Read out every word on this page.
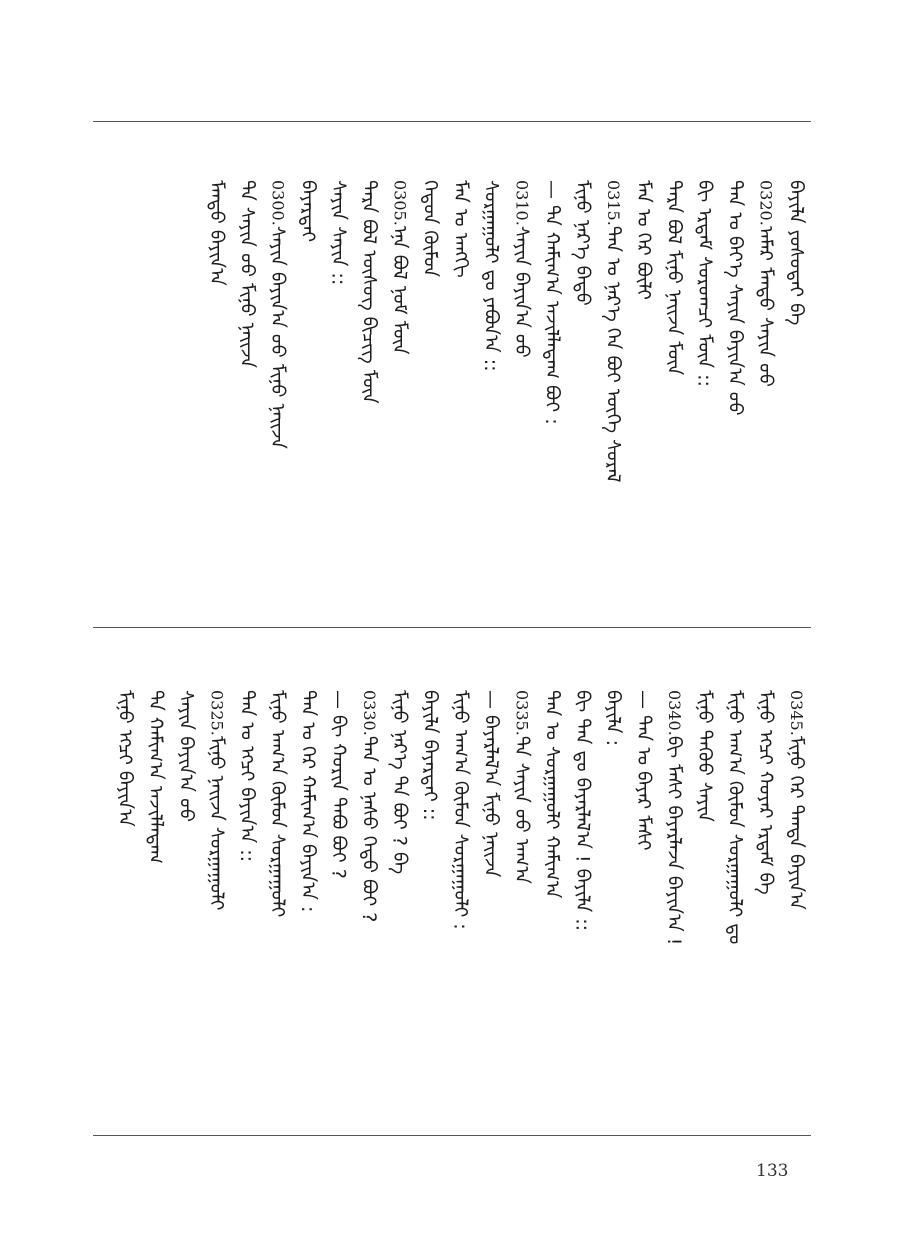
ᠪᠠᠶᠢᠯᠠ ᠶᠤᠰᠤᠲᠠᠢ ᠪᠠ
0320.ᠠᠮᠠᠷ ᠮᠡᠨᠳᠦ ᠰᠠᠶᠢᠨ ᠤᠤ
ᠲᠠᠨ ᠤ ᠪᠡᠶ᠎ᠡ ᠰᠠᠶᠢᠨ ᠪᠠᠶᠢᠨ᠎ᠠ ᠤᠤ
ᠪᠢ ᠡᠷᠳᠡᠮ ᠰᠤᠷᠤᠭᠴᠢ ᠮᠥᠨ ::
ᠲᠡᠷᠡ ᠪᠣᠯ ᠮᠢᠨᠤ ᠨᠠᠢᠵᠠ ᠮᠥᠨ
ᠮᠠᠨ ᠤ ᠭᠡᠷ ᠪᠦᠯᠢ
0315.ᠲᠠᠨ ᠤ ᠨᠡᠷ᠎ᠡ ᠬᠡᠨ ᠪᠤᠢ ᠦᠭᠡ ᠰᠤᠷᠠᠯ
ᠮᠢᠨᠤ ᠨᠡᠷ᠎ᠡ ᠪᠠᠲᠤ
— ᠲᠠ ᠬᠠᠮᠢᠭ᠎ᠠ ᠠᠵᠢᠯᠯᠠᠳᠠᠭ ᠪᠤᠢ :
0310.ᠰᠠᠶᠢᠨ ᠪᠠᠶᠢᠨ᠎ᠠ ᠤᠤ
ᠰᠤᠷᠭᠠᠭᠤᠯᠢ ᠳᠤ ᠶᠠᠪᠤᠨ᠎ᠠ ::
ᠮᠠᠨ ᠤ ᠠᠩᠭᠢ
ᠬᠡᠳᠦᠨ ᠬᠦᠮᠦᠨ
0305.ᠡᠨᠡ ᠪᠣᠯ ᠨᠣᠮ ᠮᠥᠨ
ᠲᠡᠷᠡ ᠪᠣᠯ ᠦᠰᠦᠭ ᠪᠢᠴᠢᠭ ᠮᠥᠨ
ᠰᠠᠶᠢᠨ ᠰᠠᠶᠢᠨ ::
ᠪᠠᠶᠠᠷᠲᠠᠢ
0300.ᠰᠠᠶᠢᠨ ᠪᠠᠶᠢᠨ᠎ᠠ ᠤᠤ ᠮᠢᠨᠤ ᠨᠠᠢᠵᠠ
ᠲᠠ ᠰᠠᠶᠢᠨ ᠤᠤ ᠮᠢᠨᠤ ᠨᠠᠢᠵᠠ
ᠮᠡᠨᠳᠦ ᠪᠠᠶᠢᠨ᠎ᠠ
0345.ᠮᠢᠨᠤ ᠭᠡᠷ ᠲᠡᠨᠳᠡ ᠪᠠᠶᠢᠨ᠎ᠠ
ᠮᠢᠨᠤ ᠡᠭᠴᠢ ᠬᠣᠶᠠᠷ ᠡᠷᠳᠡᠮ ᠪᠠ
ᠮᠢᠨᠤ ᠠᠬ᠎ᠠ ᠬᠦᠮᠦᠨ ᠰᠤᠷᠭᠠᠭᠤᠯᠢ ᠳᠤ
ᠮᠢᠨᠤ ᠳᠡᠭᠦᠦ ᠰᠠᠶᠢᠨ
0340.ᠪᠢ ᠮᠠᠰᠢ ᠪᠠᠶᠠᠷᠯᠠᠵᠠ ᠪᠠᠶᠢᠨ᠎ᠠ !
— ᠲᠠᠨ ᠤ ᠪᠠᠶᠠᠷ ᠮᠠᠰᠢ
ᠪᠠᠶᠢᠯᠠ :
ᠪᠢ ᠲᠠᠨ ᠳᠤ ᠪᠠᠶᠠᠷᠯᠠᠯ᠎ᠠ ! ᠪᠠᠶᠢᠯᠠ ::
ᠲᠠᠨ ᠤ ᠰᠤᠷᠭᠠᠭᠤᠯᠢ ᠬᠠᠮᠢᠭ᠎ᠠ
0335.ᠲᠠ ᠰᠠᠶᠢᠨ ᠤᠤ ᠠᠬ᠎ᠠ
— ᠪᠠᠶᠠᠷᠯᠠᠯ᠎ᠠ ᠮᠢᠨᠤ ᠨᠠᠢᠵᠠ
ᠮᠢᠨᠤ ᠠᠬ᠎ᠠ ᠬᠦᠮᠦᠨ ᠰᠤᠷᠭᠠᠭᠤᠯᠢ :
ᠪᠠᠶᠢᠯᠠ ᠪᠠᠶᠠᠷᠲᠠᠢ ::
ᠮᠢᠨᠤ ᠨᠡᠷ᠎ᠡ ᠲᠠ ᠪᠤᠢ ? ᠪᠠ
0330.ᠲᠠᠨ ᠤ ᠨᠠᠰᠤ ᠬᠡᠳᠦ ᠪᠤᠢ ?
— ᠪᠢ ᠬᠣᠷᠢᠨ ᠲᠠᠪᠤ ᠪᠤᠢ ?
ᠲᠠᠨ ᠤ ᠭᠡᠷ ᠬᠠᠮᠢᠭ᠎ᠠ ᠪᠠᠶᠢᠨ᠎ᠠ :
ᠮᠢᠨᠤ ᠠᠬ᠎ᠠ ᠬᠦᠮᠦᠨ ᠰᠤᠷᠭᠠᠭᠤᠯᠢ
ᠲᠠᠨ ᠤ ᠡᠭᠴᠢ ᠪᠠᠶᠢᠨ᠎ᠠ ::
0325.ᠮᠢᠨᠤ ᠨᠠᠢᠵᠠ ᠰᠤᠷᠭᠠᠭᠤᠯᠢ
ᠰᠠᠶᠢᠨ ᠪᠠᠶᠢᠨ᠎ᠠ ᠤᠤ
ᠲᠠ ᠬᠠᠮᠢᠭ᠎ᠠ ᠠᠵᠢᠯᠯᠠᠳᠠᠭ
ᠮᠢᠨᠤ ᠡᠭᠴᠢ ᠪᠠᠶᠢᠨ᠎ᠠ
133
